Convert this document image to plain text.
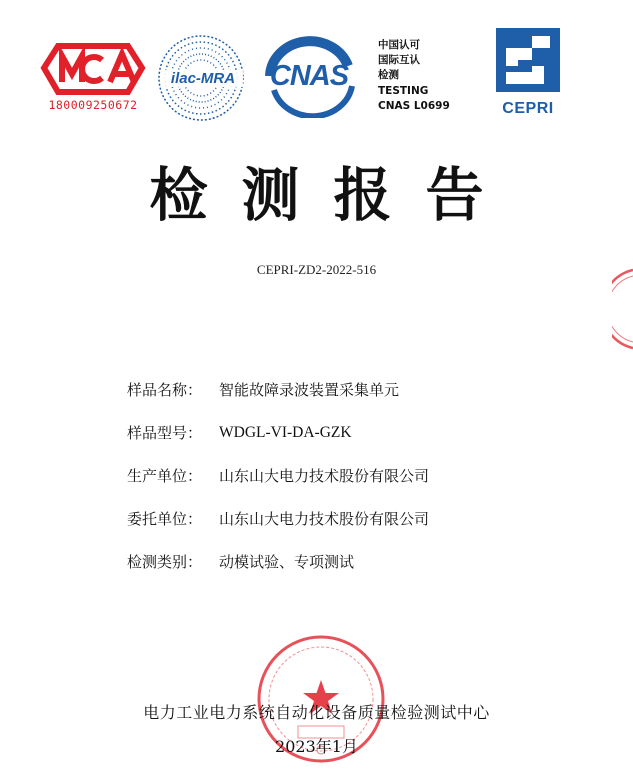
180009250672
ilac-MRA	CNAS
中国认可
国际互认
检测
TESTING
CNAS L0699	CEPRI
检测报告
CEPRI-ZD2-2022-516
样品名称：	智能故障录波装置采集单元
样品型号：	WDGL-VI-DA-GZK
生产单位：	山东山大电力技术股份有限公司
委托单位：	山东山大电力技术股份有限公司
检测类别：	动模试验、专项测试
电力工业电力系统自动化设备质量检验测试中心
2023年1月
